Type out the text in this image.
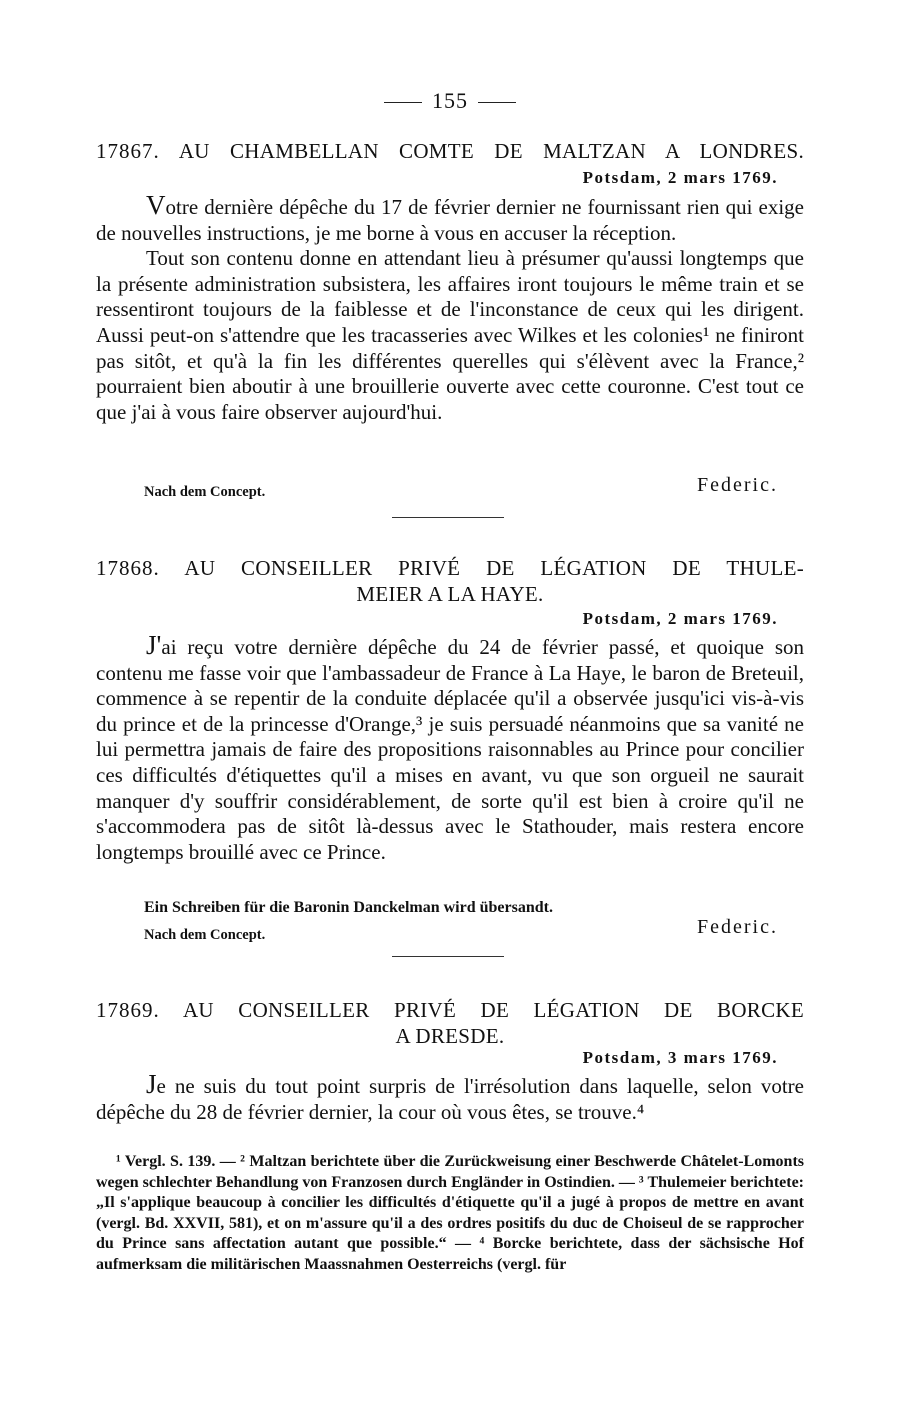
155
17867. AU CHAMBELLAN COMTE DE MALTZAN A LONDRES.
Potsdam, 2 mars 1769.

Votre dernière dépêche du 17 de février dernier ne fournissant rien qui exige de nouvelles instructions, je me borne à vous en accuser la réception.

Tout son contenu donne en attendant lieu à présumer qu'aussi longtemps que la présente administration subsistera, les affaires iront toujours le même train et se ressentiront toujours de la faiblesse et de l'inconstance de ceux qui les dirigent. Aussi peut-on s'attendre que les tracasseries avec Wilkes et les colonies¹ ne finiront pas sitôt, et qu'à la fin les différentes querelles qui s'élèvent avec la France,² pourraient bien aboutir à une brouillerie ouverte avec cette couronne. C'est tout ce que j'ai à vous faire observer aujourd'hui.

Nach dem Concept.	Federic.
17868. AU CONSEILLER PRIVÉ DE LÉGATION DE THULE-
MEIER A LA HAYE.
Potsdam, 2 mars 1769.

J'ai reçu votre dernière dépêche du 24 de février passé, et quoique son contenu me fasse voir que l'ambassadeur de France à La Haye, le baron de Breteuil, commence à se repentir de la conduite déplacée qu'il a observée jusqu'ici vis-à-vis du prince et de la princesse d'Orange,³ je suis persuadé néanmoins que sa vanité ne lui permettra jamais de faire des propositions raisonnables au Prince pour concilier ces difficultés d'étiquettes qu'il a mises en avant, vu que son orgueil ne saurait manquer d'y souffrir considérablement, de sorte qu'il est bien à croire qu'il ne s'accommodera pas de sitôt là-dessus avec le Stathouder, mais restera encore longtemps brouillé avec ce Prince.

Ein Schreiben für die Baronin Danckelman wird übersandt.
Nach dem Concept.	Federic.
17869. AU CONSEILLER PRIVÉ DE LÉGATION DE BORCKE
A DRESDE.
Potsdam, 3 mars 1769.

Je ne suis du tout point surpris de l'irrésolution dans laquelle, selon votre dépêche du 28 de février dernier, la cour où vous êtes, se trouve.⁴

¹ Vergl. S. 139. — ² Maltzan berichtete über die Zurückweisung einer Beschwerde Châtelet-Lomonts wegen schlechter Behandlung von Franzosen durch Engländer in Ostindien. — ³ Thulemeier berichtete: „Il s'applique beaucoup à concilier les difficultés d'étiquette qu'il a jugé à propos de mettre en avant (vergl. Bd. XXVII, 581), et on m'assure qu'il a des ordres positifs du duc de Choiseul de se rapprocher du Prince sans affectation autant que possible.“ — ⁴ Borcke berichtete, dass der sächsische Hof aufmerksam die militärischen Maassnahmen Oesterreichs (vergl. für
